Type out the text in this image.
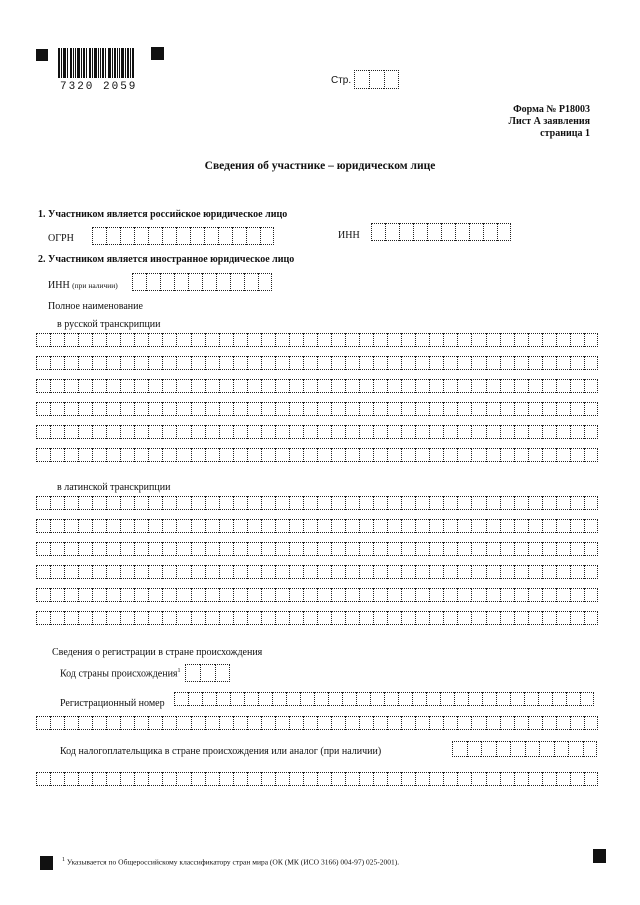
7320 2059
Стр.
Форма № Р18003
Лист А заявления
страница 1
Сведения об участнике – юридическом лице
1. Участником является российское юридическое лицо
ОГРН	ИНН
2. Участником является иностранное юридическое лицо
ИНН (при наличии)
Полное наименование
в русской транскрипции
в латинской транскрипции
Сведения о регистрации в стране происхождения
Код страны происхождения$^1$
Регистрационный номер
Код налогоплательщика в стране происхождения или аналог (при наличии)
$^1$ Указывается по Общероссийскому классификатору стран мира (ОК (МК (ИСО 3166) 004-97) 025-2001).
